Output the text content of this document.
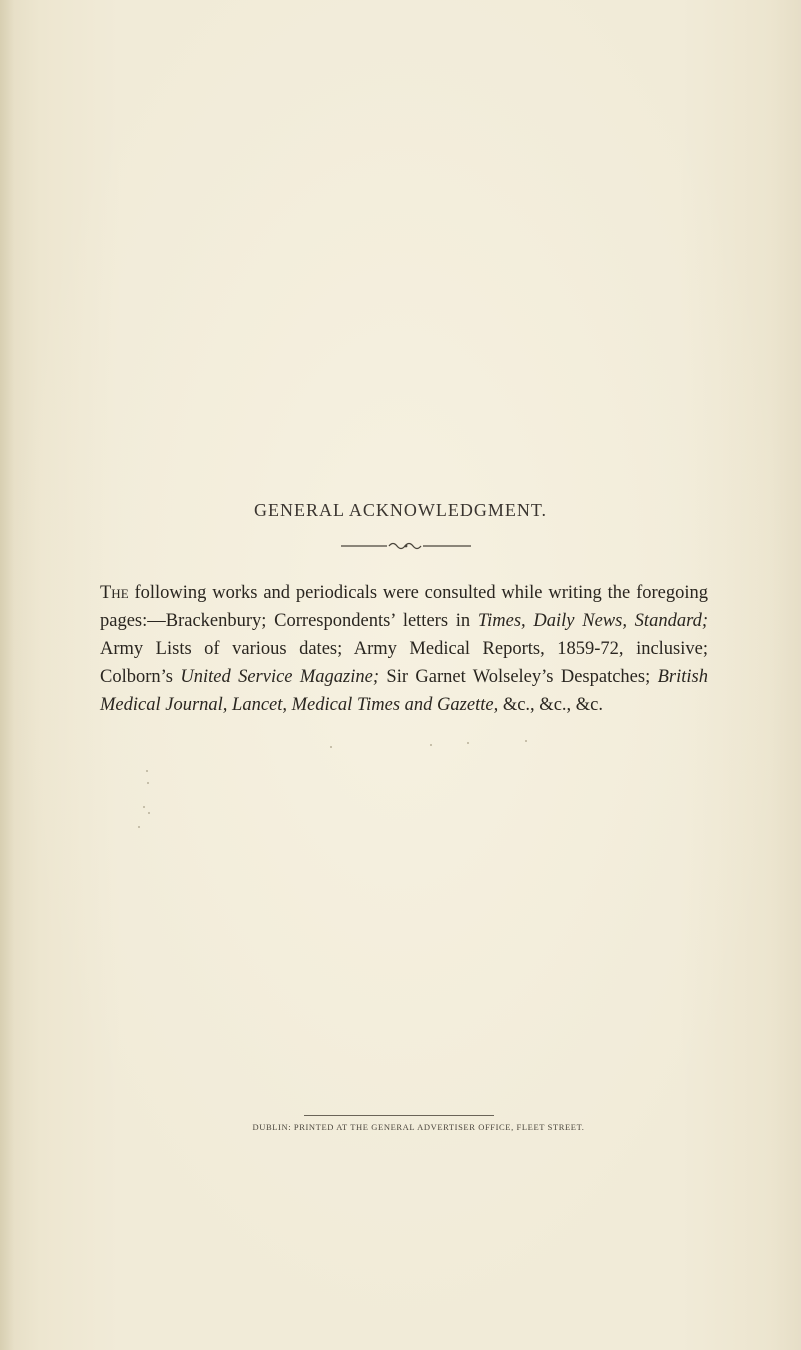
GENERAL ACKNOWLEDGMENT.

The following works and periodicals were consulted while writing the foregoing pages:—Brackenbury; Correspondents’ letters in Times, Daily News, Standard; Army Lists of various dates; Army Medical Reports, 1859-72, inclusive; Colborn’s United Service Magazine; Sir Garnet Wolseley’s Despatches; British Medical Journal, Lancet, Medical Times and Gazette, &c., &c., &c.

DUBLIN: PRINTED AT THE GENERAL ADVERTISER OFFICE, FLEET STREET.
